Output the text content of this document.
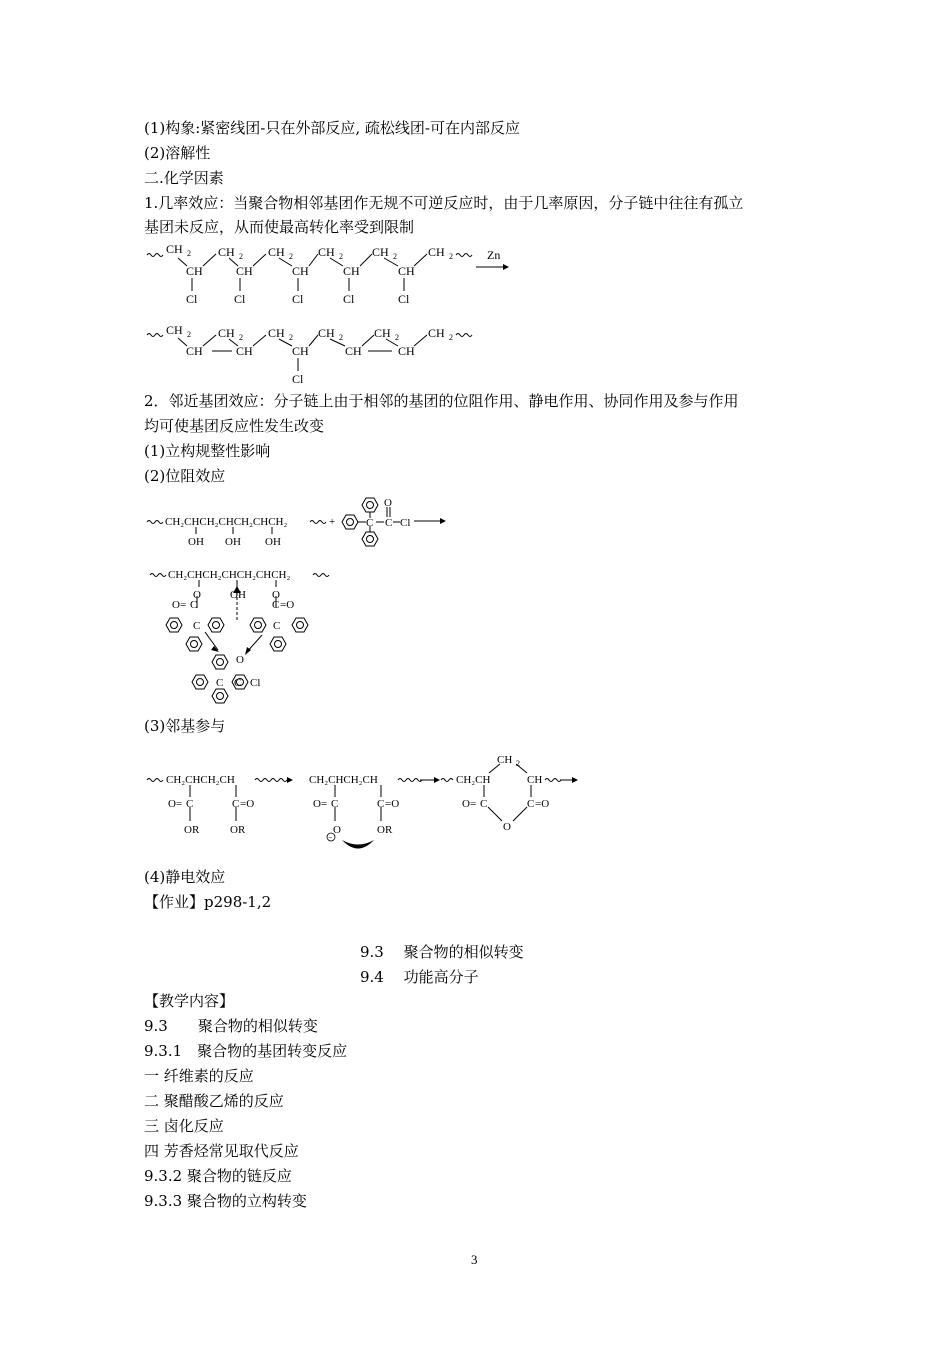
(1)构象:紧密线团-只在外部反应, 疏松线团-可在内部反应
(2)溶解性
二.化学因素
1.几率效应：当聚合物相邻基团作无规不可逆反应时，由于几率原因，分子链中往往有孤立
基团未反应，从而使最高转化率受到限制
CH 2 CH 2 CH 2 CH 2 CH 2	CH 2
CH	CH	CH	CH	CH
Zn
Cl	Cl	Cl	Cl	Cl
CH 2 CH 2 CH 2 CH 2	CH 2 CH 2
CH	CH	CH	CH	CH
Cl
2．邻近基团效应：分子链上由于相邻的基团的位阻作用、静电作用、协同作用及参与作用
均可使基团反应性发生改变
(1)立构规整性影响
(2)位阻效应
CH₂CHCH₂CHCH₂CHCH₂
OH OH OH
+	C C
O
Cl
CH₂CHCH₂CHCH₂CHCH₂
O	OH O
O= C	C =O
C	C
O
C C Cl
(3)邻基参与
CH₂CHCH₂CH	CH₂CHCH₂CH	CH₂CH	CH
CH 2
O= C	C =O
OR	OR
O= C	C =O
O
−
OR
O= C	C =O
O
(4)静电效应
【作业】p298-1,2
9.3　 聚合物的相似转变
9.4　 功能高分子
【教学内容】
9.3　　聚合物的相似转变
9.3.1　聚合物的基团转变反应
一 纤维素的反应
二 聚醋酸乙烯的反应
三 卤化反应
四 芳香烃常见取代反应
9.3.2 聚合物的链反应
9.3.3 聚合物的立构转变
3
